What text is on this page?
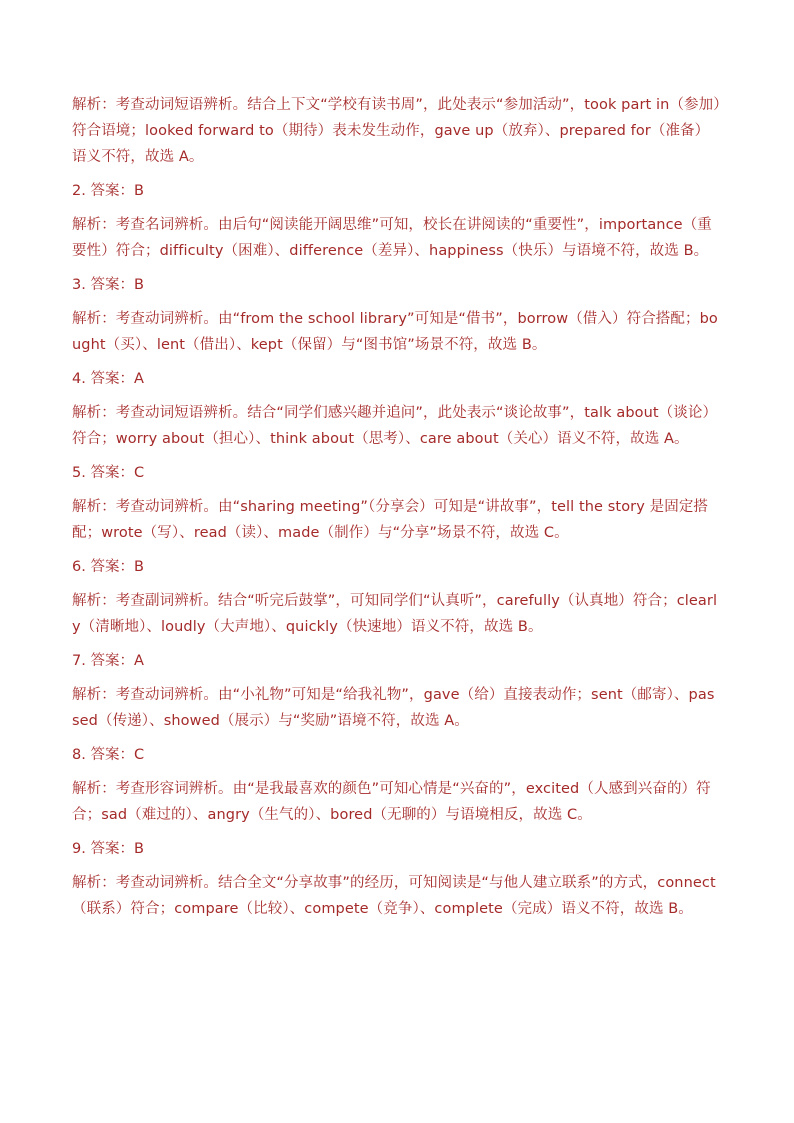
解析：考查动词短语辨析。结合上下文“学校有读书周”，此处表示“参加活动”，took part in（参加）符合语境；looked forward to（期待）表未发生动作，gave up（放弃）、prepared for（准备）语义不符，故选 A。

2. 答案：B

解析：考查名词辨析。由后句“阅读能开阔思维”可知，校长在讲阅读的“重要性”，importance（重要性）符合；difficulty（困难）、difference（差异）、happiness（快乐）与语境不符，故选 B。

3. 答案：B

解析：考查动词辨析。由“from the school library”可知是“借书”，borrow（借入）符合搭配；bought（买）、lent（借出）、kept（保留）与“图书馆”场景不符，故选 B。

4. 答案：A

解析：考查动词短语辨析。结合“同学们感兴趣并追问”，此处表示“谈论故事”，talk about（谈论）符合；worry about（担心）、think about（思考）、care about（关心）语义不符，故选 A。

5. 答案：C

解析：考查动词辨析。由“sharing meeting”（分享会）可知是“讲故事”，tell the story 是固定搭配；wrote（写）、read（读）、made（制作）与“分享”场景不符，故选 C。

6. 答案：B

解析：考查副词辨析。结合“听完后鼓掌”，可知同学们“认真听”，carefully（认真地）符合；clearly（清晰地）、loudly（大声地）、quickly（快速地）语义不符，故选 B。

7. 答案：A

解析：考查动词辨析。由“小礼物”可知是“给我礼物”，gave（给）直接表动作；sent（邮寄）、passed（传递）、showed（展示）与“奖励”语境不符，故选 A。

8. 答案：C

解析：考查形容词辨析。由“是我最喜欢的颜色”可知心情是“兴奋的”，excited（人感到兴奋的）符合；sad（难过的）、angry（生气的）、bored（无聊的）与语境相反，故选 C。

9. 答案：B

解析：考查动词辨析。结合全文“分享故事”的经历，可知阅读是“与他人建立联系”的方式，connect（联系）符合；compare（比较）、compete（竞争）、complete（完成）语义不符，故选 B。
